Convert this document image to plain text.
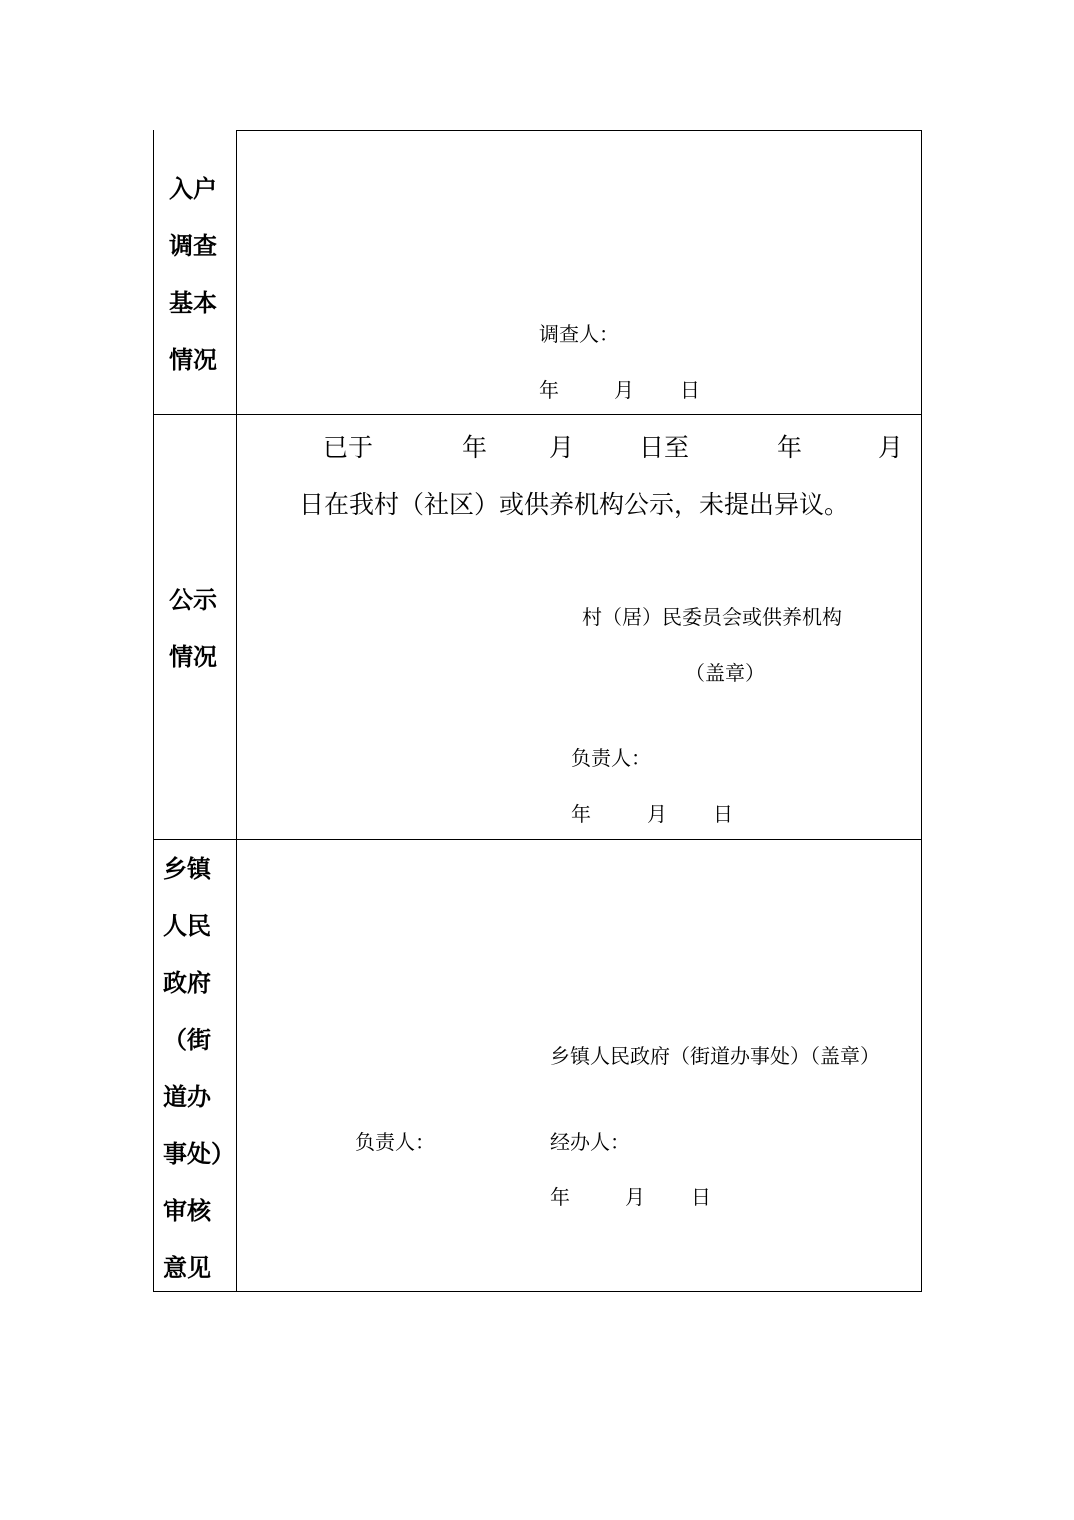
入户
调查
基本
情况
调查人：
年	月 日
公示
情况
已于	年 月	日至	年	月
日在我村（社区）或供养机构公示，未提出异议。
村（居）民委员会或供养机构
（盖章）
负责人：
年	月 日
乡镇
人民
政府
（街
道办
事处）
审核
意见
乡镇人民政府（街道办事处）（盖章）
负责人：	经办人：
年	月 日
